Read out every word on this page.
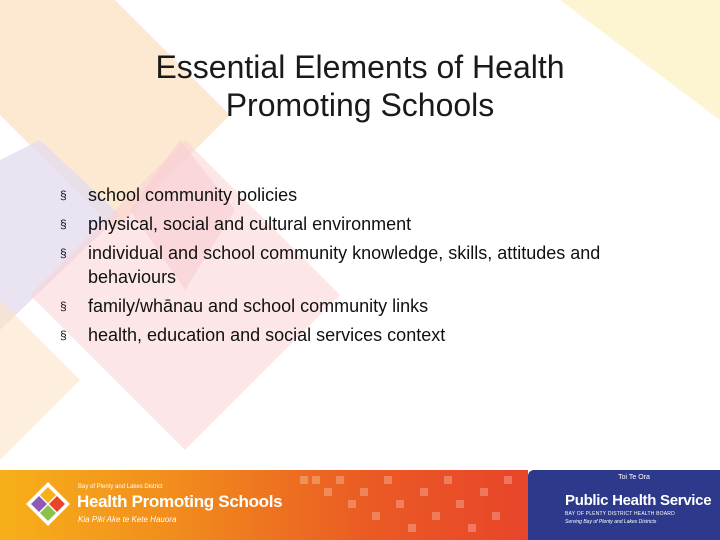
Essential Elements of Health
Promoting Schools
§	school community policies
§	physical, social and cultural environment
§	individual and school community knowledge, skills, attitudes and
behaviours
§	family/whānau and school community links
§	health, education and social services context
Bay of Plenty and Lakes District
Health Promoting Schools
Kia Piki Ake te Kete Hauora
Toi Te Ora
Public Health Service
BAY OF PLENTY DISTRICT HEALTH BOARD
Serving Bay of Plenty and Lakes Districts
